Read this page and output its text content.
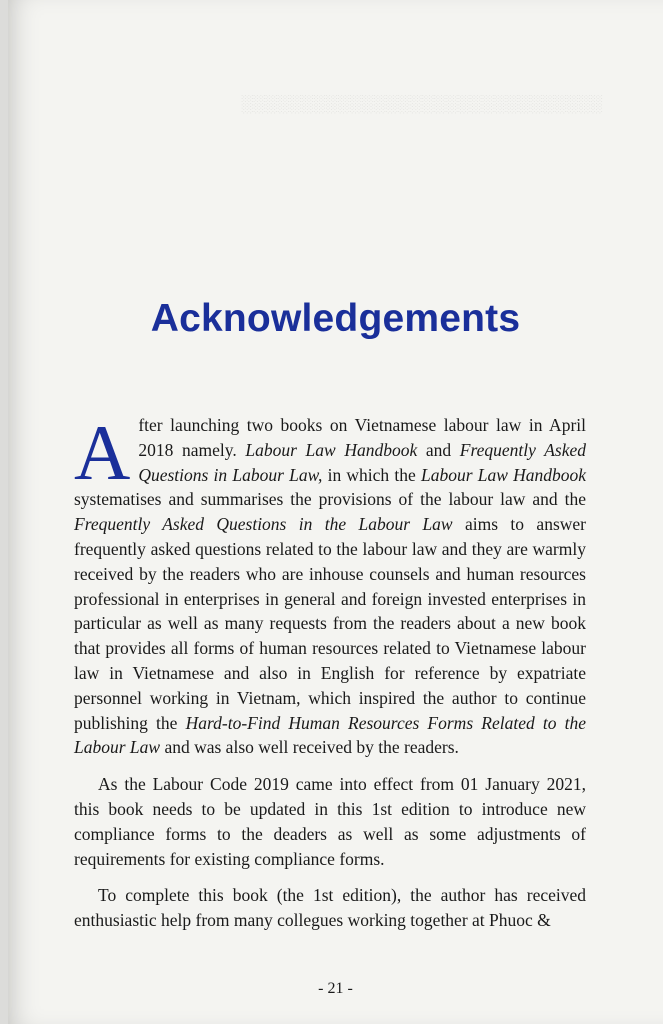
░░░░░░░░░░░░░░░░░░░░░░░░░░░░░░
Acknowledgements

After launching two books on Vietnamese labour law in April 2018 namely. Labour Law Handbook and Frequently Asked Questions in Labour Law, in which the Labour Law Handbook systematises and summarises the provisions of the labour law and the Frequently Asked Questions in the Labour Law aims to answer frequently asked questions related to the labour law and they are warmly received by the readers who are inhouse counsels and human resources professional in enterprises in general and foreign invested enterprises in particular as well as many requests from the readers about a new book that provides all forms of human resources related to Vietnamese labour law in Vietnamese and also in English for reference by expatriate personnel working in Vietnam, which inspired the author to continue publishing the Hard-to-Find Human Resources Forms Related to the Labour Law and was also well received by the readers.

As the Labour Code 2019 came into effect from 01 January 2021, this book needs to be updated in this 1st edition to introduce new compliance forms to the deaders as well as some adjustments of requirements for existing compliance forms.

To complete this book (the 1st edition), the author has received enthusiastic help from many collegues working together at Phuoc &

- 21 -
